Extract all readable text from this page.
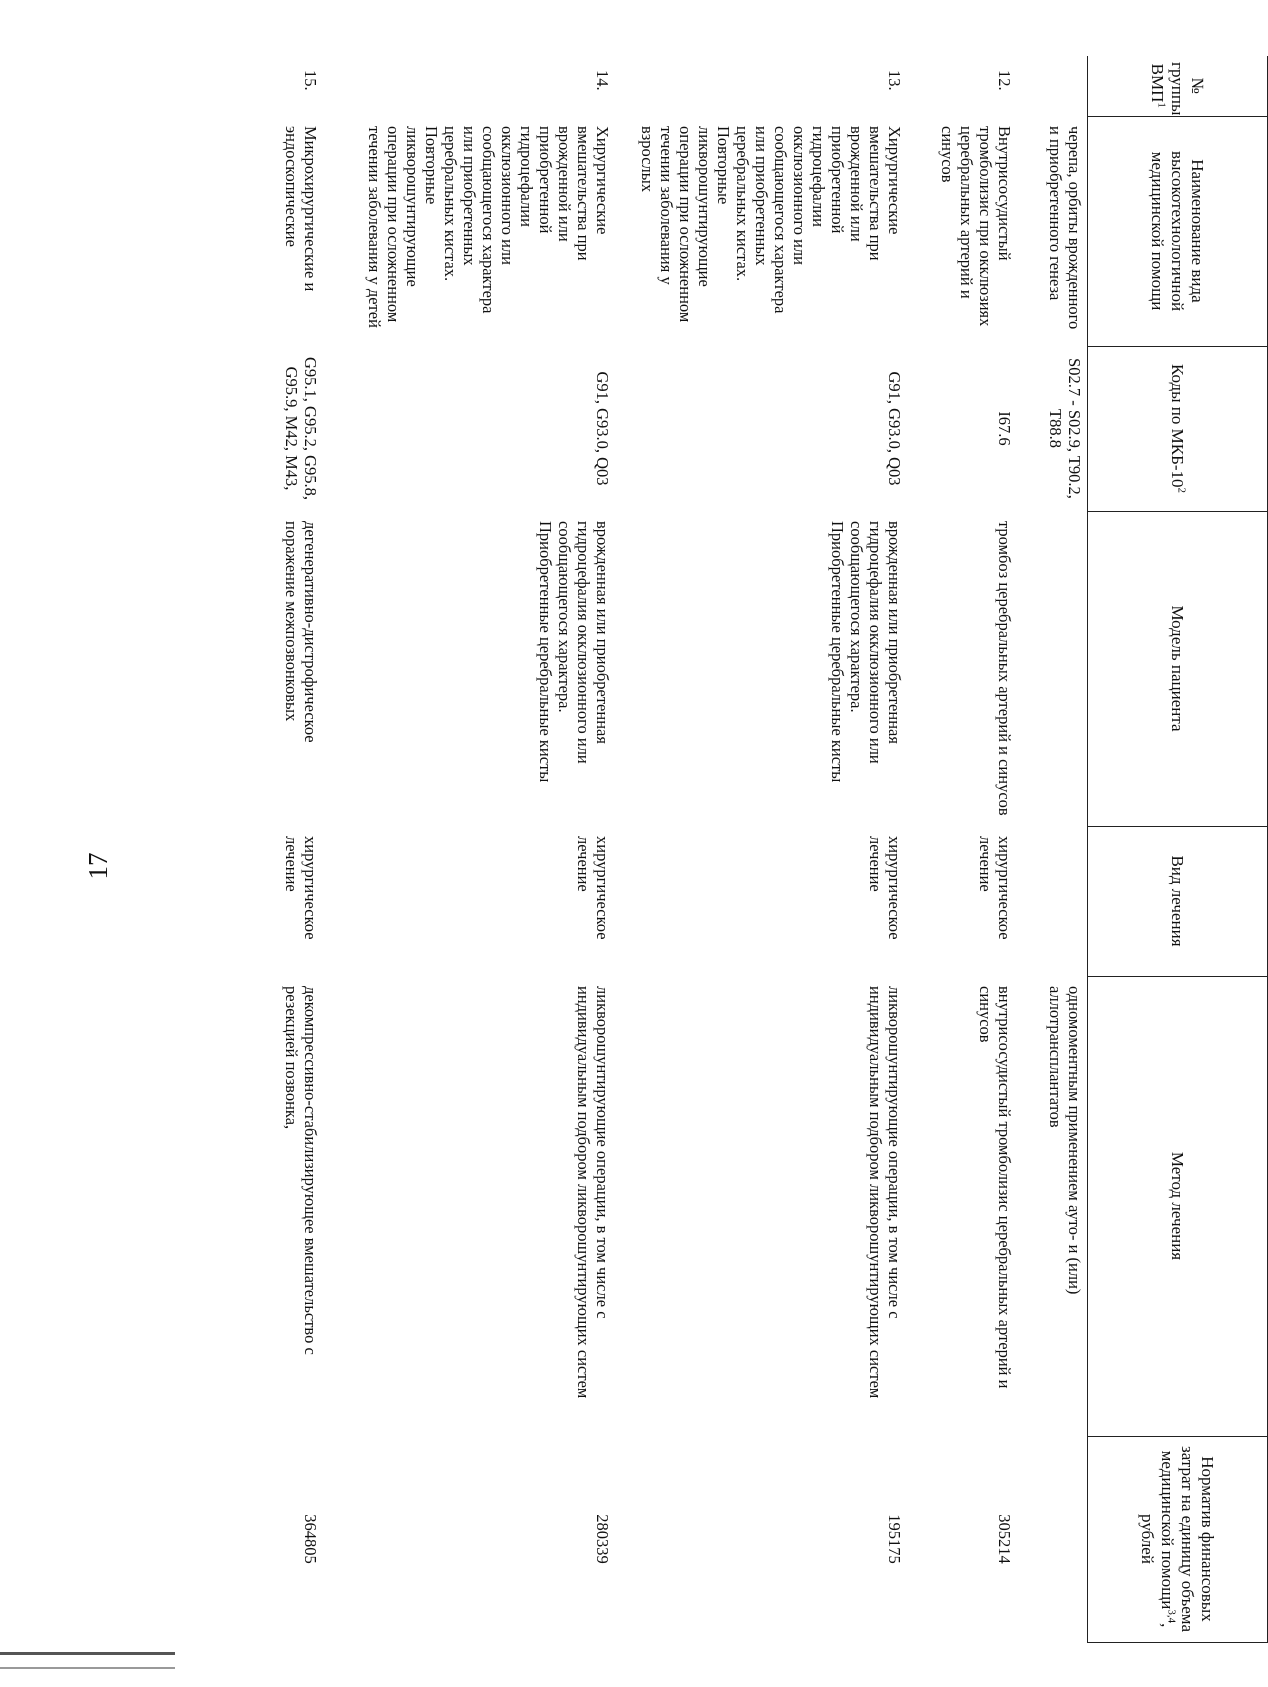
17
№ группы ВМП$^1$	Наименование вида высокотехнологичной медицинской помощи	Коды по МКБ-$10^2$	Модель пациента	Вид лечения	Метод лечения	Норматив финансовых затрат на единицу объема медицинской помощи$^{3,4}$, рублей
	черепа, орбиты врожденного и приобретенного генеза	S02.7 - S02.9, T90.2, T88.8			одномоментным применением ауто- и (или) аллотрансплантатов	
12.	Внутрисосудистый тромболизис при окклюзиях церебральных артерий и синусов	I67.6	тромбоз церебральных артерий и синусов	хирургическое лечение	внутрисосудистый тромболизис церебральных артерий и синусов	305214
13.	Хирургические вмешательства при врожденной или приобретенной гидроцефалии окклюзионного или сообщающегося характера или приобретенных церебральных кистах. Повторные ликворошунтирующие операции при осложненном течении заболевания у взрослых	G91, G93.0, Q03	врожденная или приобретенная гидроцефалия окклюзионного или сообщающегося характера. Приобретенные церебральные кисты	хирургическое лечение	ликворошунтирующие операции, в том числе с индивидуальным подбором ликворошунтирующих систем	195175
14.	Хирургические вмешательства при врожденной или приобретенной гидроцефалии окклюзионного или сообщающегося характера или приобретенных церебральных кистах. Повторные ликворошунтирующие операции при осложненном течении заболевания у детей	G91, G93.0, Q03	врожденная или приобретенная гидроцефалия окклюзионного или сообщающегося характера. Приобретенные церебральные кисты	хирургическое лечение	ликворошунтирующие операции, в том числе с индивидуальным подбором ликворошунтирующих систем	280339
15.	Микрохирургические и эндоскопические	G95.1, G95.2, G95.8, G95.9, M42, M43,	дегенеративно-дистрофическое поражение межпозвонковых	хирургическое лечение	декомпрессивно-стабилизирующее вмешательство с резекцией позвонка,	364805
